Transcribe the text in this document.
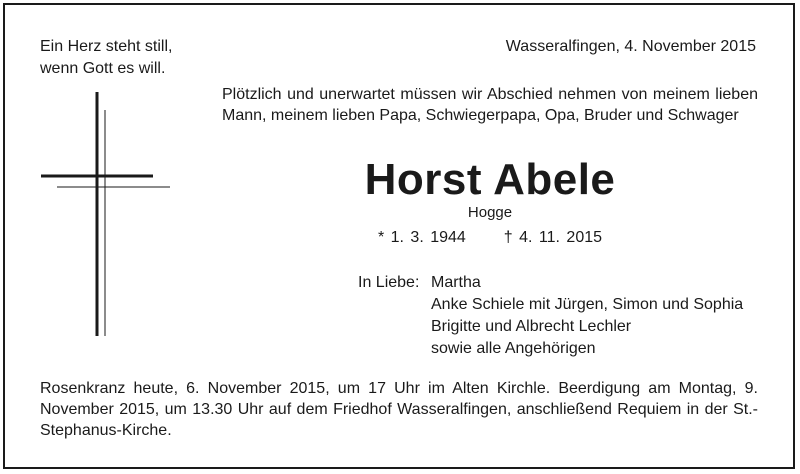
Ein Herz steht still,
wenn Gott es will.
Wasseralfingen, 4. November 2015
Plötzlich und unerwartet müssen wir Abschied nehmen von meinem lieben Mann, meinem lieben Papa, Schwiegerpapa, Opa, Bruder und Schwager
Horst Abele
Hogge
* 1. 3. 1944 † 4. 11. 2015
In Liebe: Martha
Anke Schiele mit Jürgen, Simon und Sophia
Brigitte und Albrecht Lechler
sowie alle Angehörigen
Rosenkranz heute, 6. November 2015, um 17 Uhr im Alten Kirchle. Beerdigung am Montag, 9. November 2015, um 13.30 Uhr auf dem Friedhof Wasseralfingen, anschließend Requiem in der St.-Stephanus-Kirche.
